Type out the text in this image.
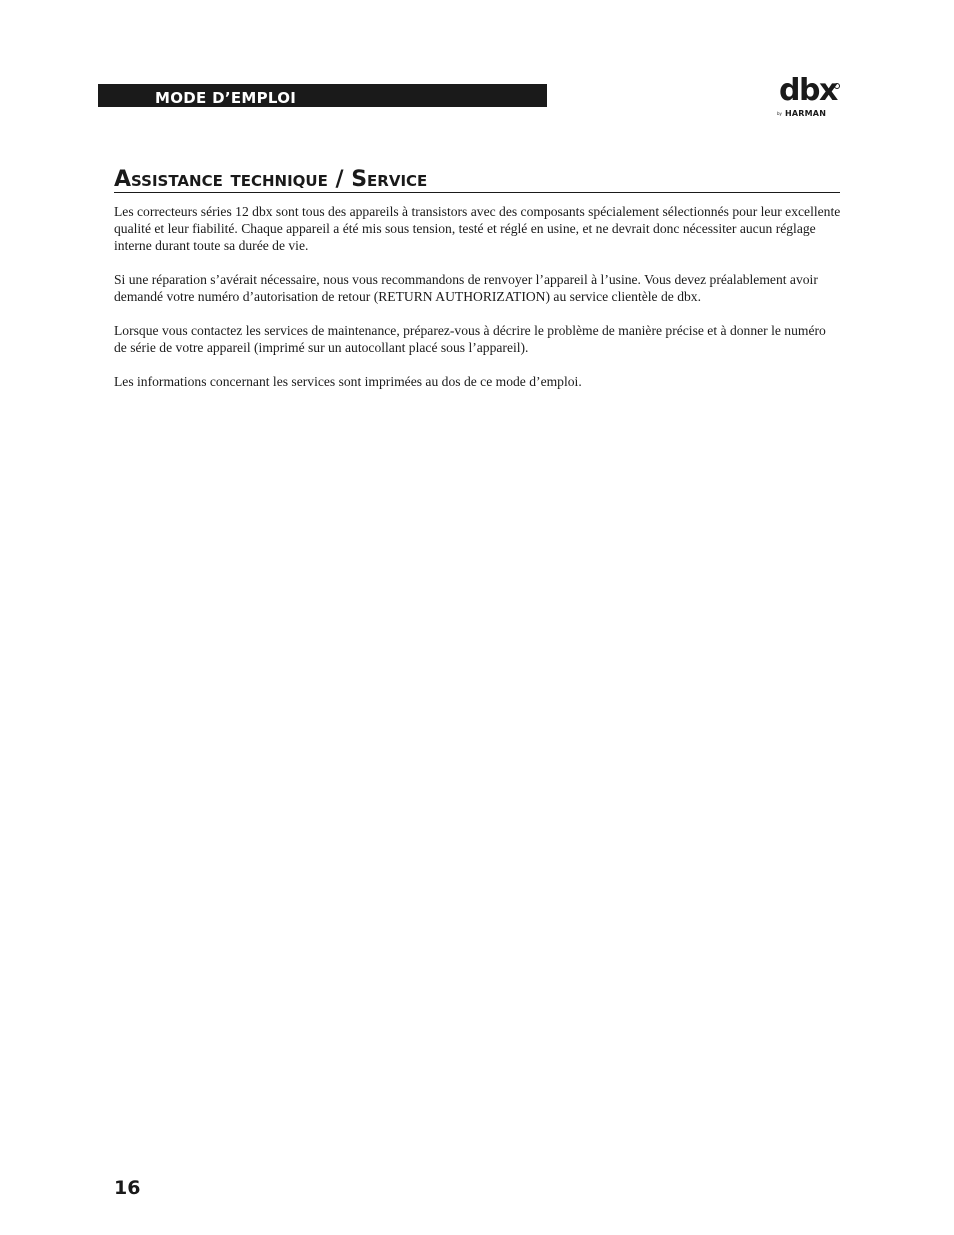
MODE D’EMPLOI	dbx
by HARMAN
Assistance technique / Service

Les correcteurs séries 12 dbx sont tous des appareils à transistors avec des composants spécialement sélectionnés pour leur excellente qualité et leur fiabilité. Chaque appareil a été mis sous tension, testé et réglé en usine, et ne devrait donc nécessiter aucun réglage interne durant toute sa durée de vie.

Si une réparation s’avérait nécessaire, nous vous recommandons de renvoyer l’appareil à l’usine. Vous devez préalablement avoir demandé votre numéro d’autorisation de retour (RETURN AUTHORIZATION) au service clientèle de dbx.

Lorsque vous contactez les services de maintenance, préparez-vous à décrire le problème de manière précise et à donner le numéro de série de votre appareil (imprimé sur un autocollant placé sous l’appareil).

Les informations concernant les services sont imprimées au dos de ce mode d’emploi.

16
